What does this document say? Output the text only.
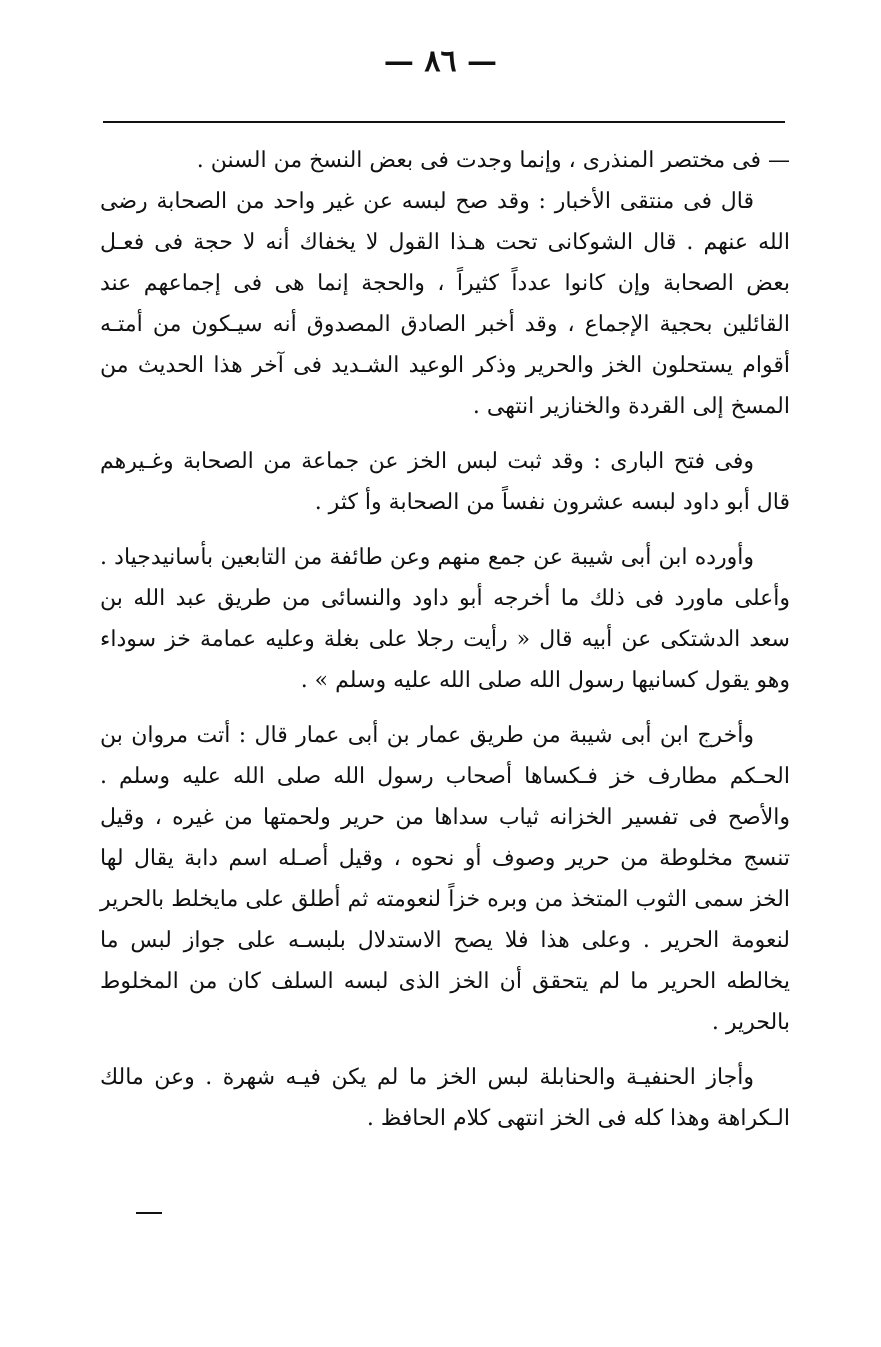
— ٨٦ —

— فى مختصر المنذرى ، وإنما وجدت فى بعض النسخ من السنن .

قال فى منتقى الأخبار : وقد صح لبسه عن غير واحد من الصحابة رضى الله عنهم . قال الشوكانى تحت هـذا القول لا يخفاك أنه لا حجة فى فعـل بعض الصحابة وإن كانوا عدداً كثيراً ، والحجة إنما هى فى إجماعهم عند القائلين بحجية الإجماع ، وقد أخبر الصادق المصدوق أنه سيـكون من أمتـه أقوام يستحلون الخز والحرير وذكر الوعيد الشـديد فى آخر هذا الحديث من المسخ إلى القردة والخنازير انتهى .

وفى فتح البارى : وقد ثبت لبس الخز عن جماعة من الصحابة وغـيرهم قال أبو داود لبسه عشرون نفساً من الصحابة وأ كثر .

وأورده ابن أبى شيبة عن جمع منهم وعن طائفة من التابعين بأسانيدجياد . وأعلى ماورد فى ذلك ما أخرجه أبو داود والنسائى من طريق عبد الله بن سعد الدشتكى عن أبيه قال « رأيت رجلا على بغلة وعليه عمامة خز سوداء وهو يقول كسانيها رسول الله صلى الله عليه وسلم » .

وأخرج ابن أبى شيبة من طريق عمار بن أبى عمار قال : أتت مروان بن الحـكم مطارف خز فـكساها أصحاب رسول الله صلى الله عليه وسلم . والأصح فى تفسير الخزانه ثياب سداها من حرير ولحمتها من غيره ، وقيل تنسج مخلوطة من حرير وصوف أو نحوه ، وقيل أصـله اسم دابة يقال لها الخز سمى الثوب المتخذ من وبره خزاً لنعومته ثم أطلق على مايخلط بالحرير لنعومة الحرير . وعلى هذا فلا يصح الاستدلال بلبسـه على جواز لبس ما يخالطه الحرير ما لم يتحقق أن الخز الذى لبسه السلف كان من المخلوط بالحرير .

وأجاز الحنفيـة والحنابلة لبس الخز ما لم يكن فيـه شهرة . وعن مالك الـكراهة وهذا كله فى الخز انتهى كلام الحافظ .
